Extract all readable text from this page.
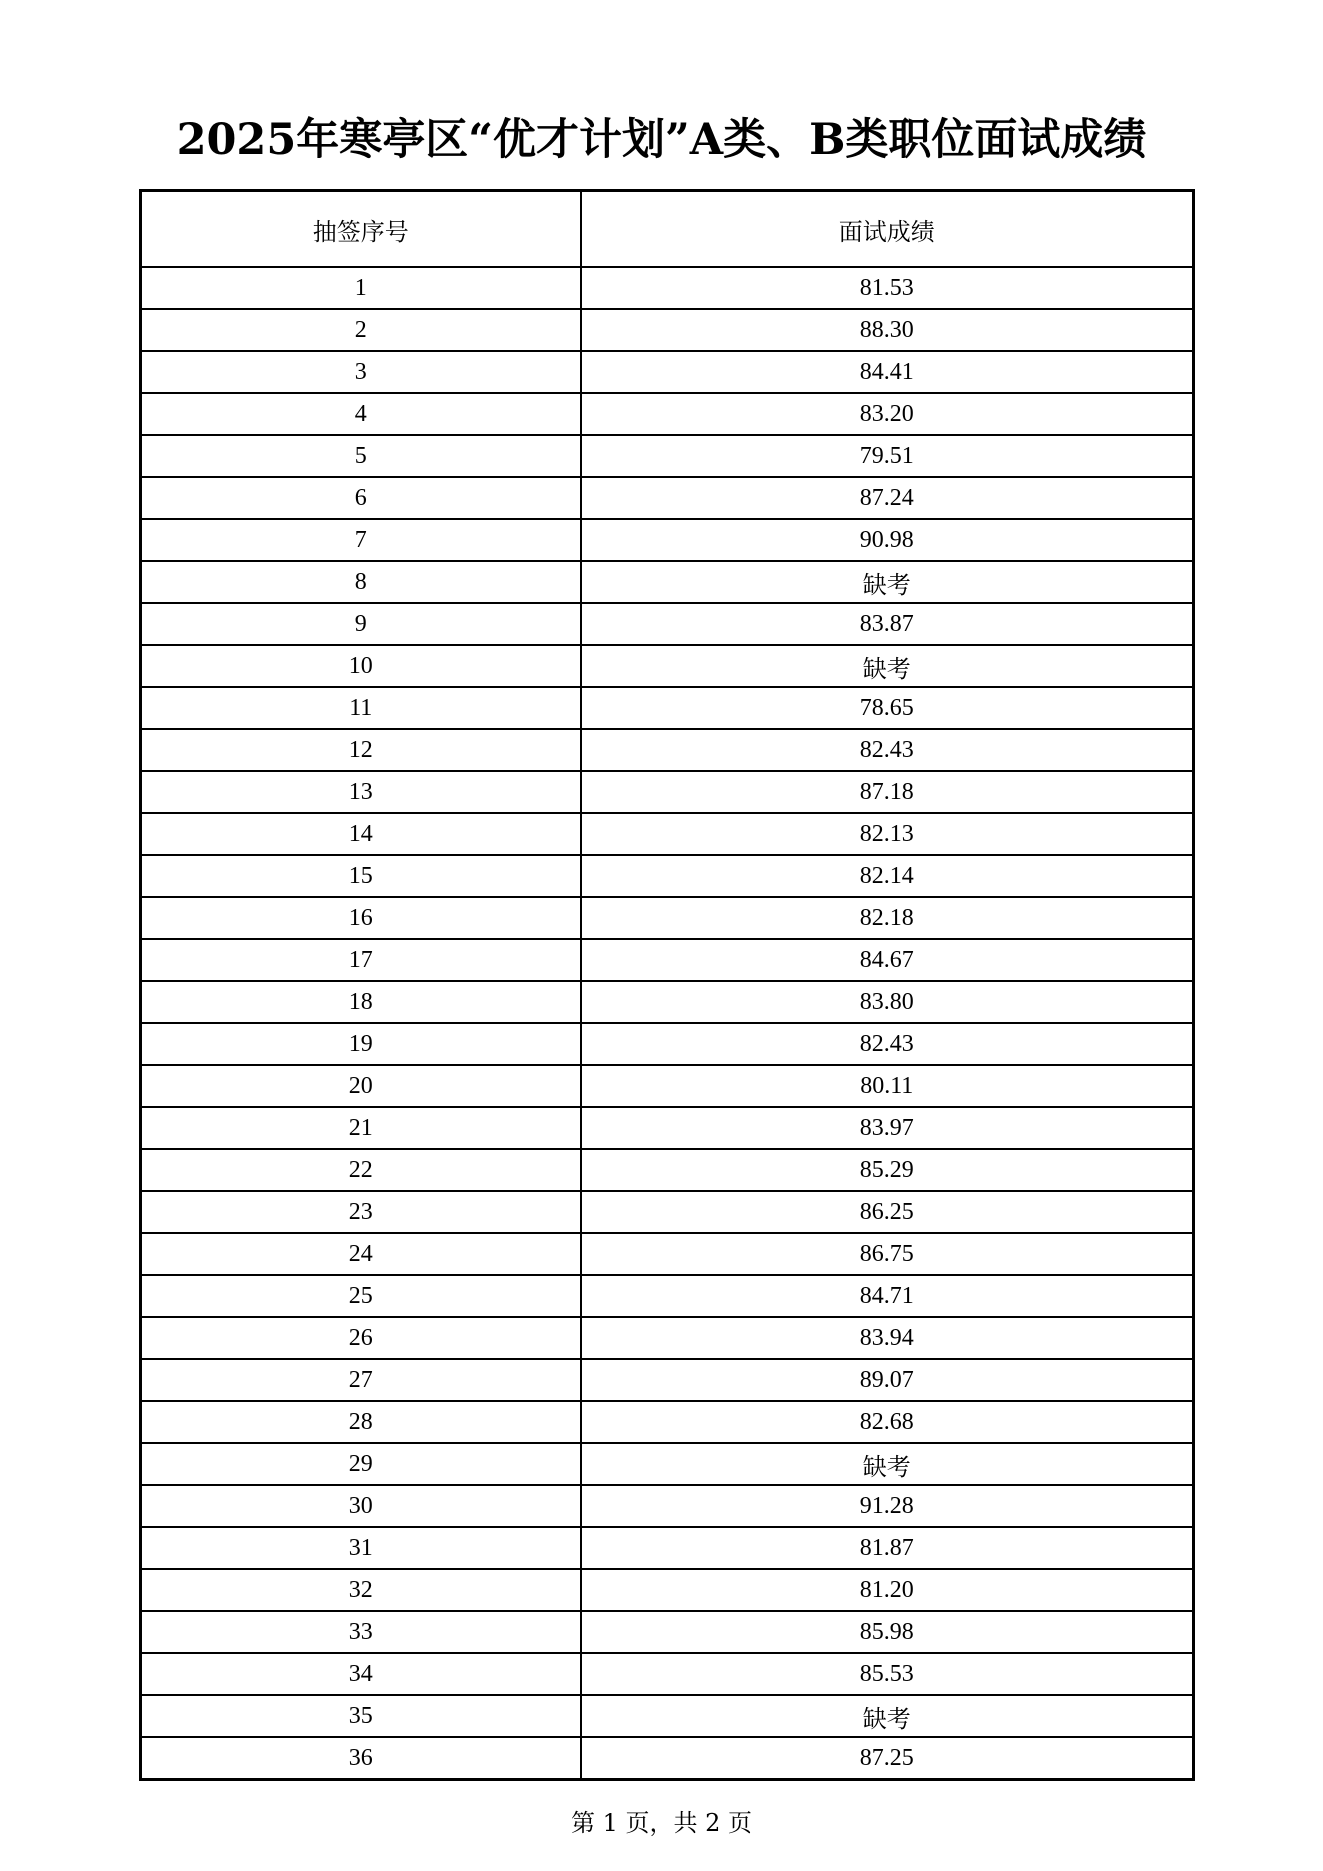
2025年寒亭区“优才计划”A类、B类职位面试成绩
抽签序号	面试成绩
1	81.53
2	88.30
3	84.41
4	83.20
5	79.51
6	87.24
7	90.98
8	缺考
9	83.87
10	缺考
11	78.65
12	82.43
13	87.18
14	82.13
15	82.14
16	82.18
17	84.67
18	83.80
19	82.43
20	80.11
21	83.97
22	85.29
23	86.25
24	86.75
25	84.71
26	83.94
27	89.07
28	82.68
29	缺考
30	91.28
31	81.87
32	81.20
33	85.98
34	85.53
35	缺考
36	87.25
第 1 页，共 2 页
